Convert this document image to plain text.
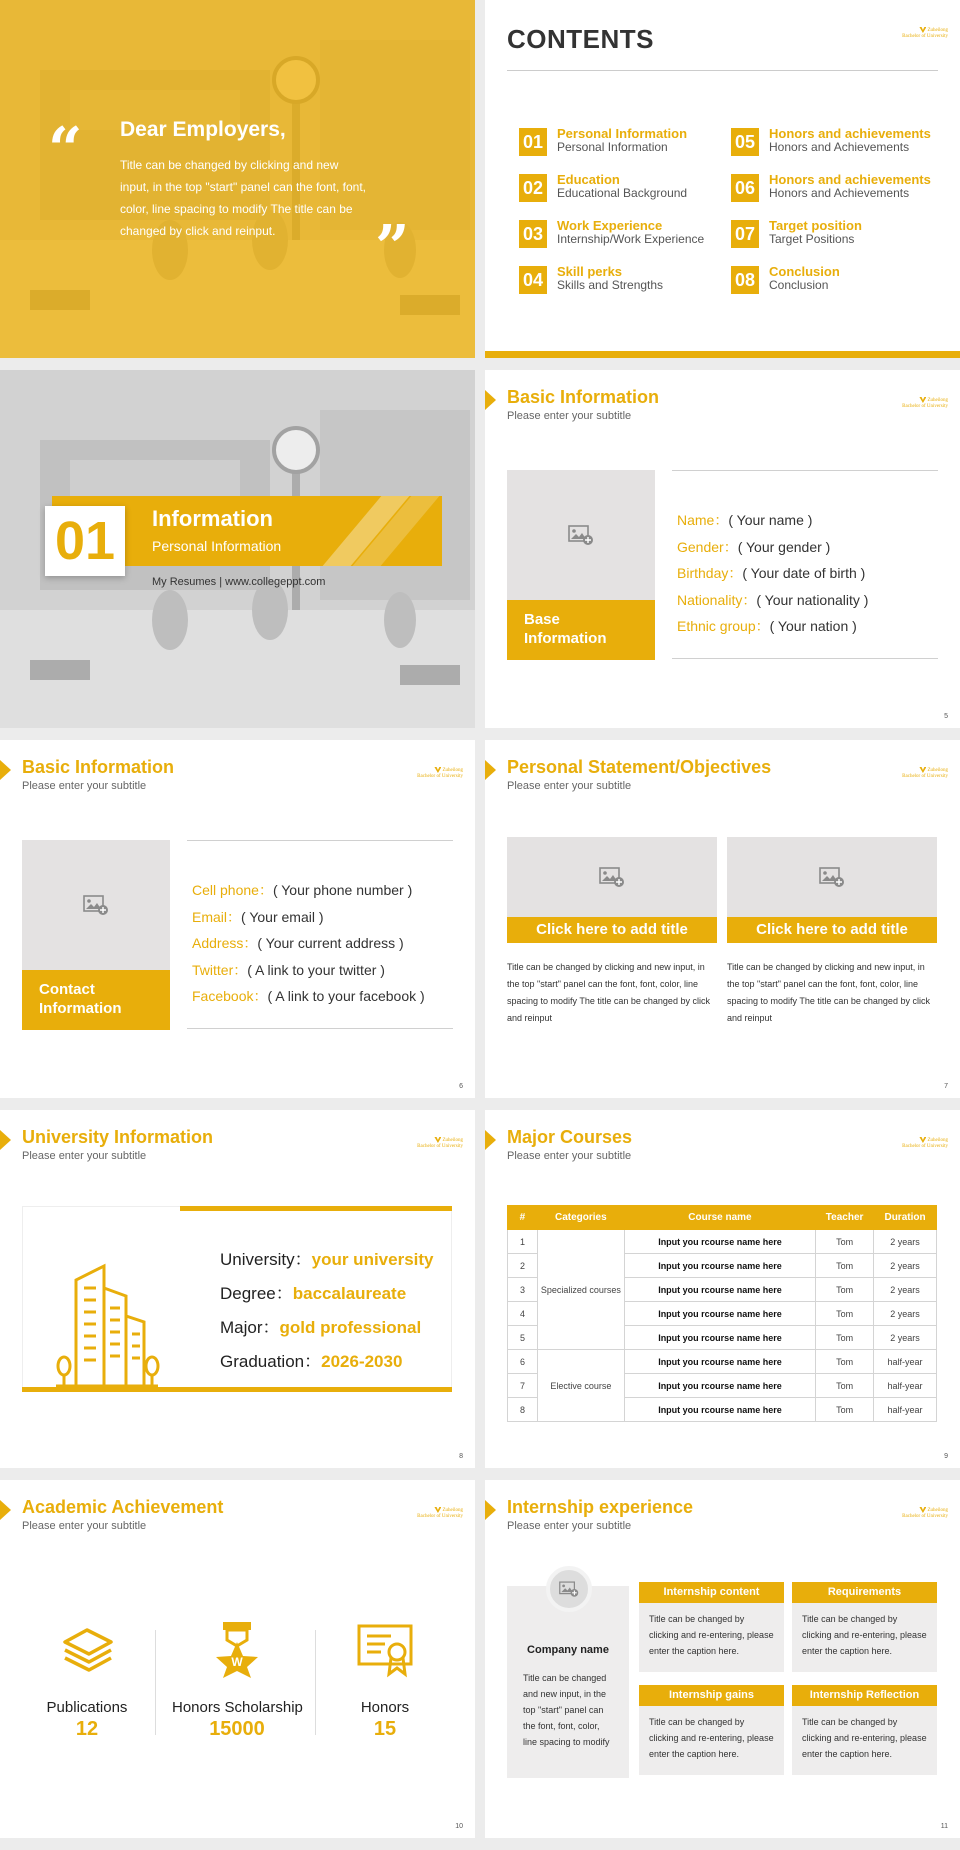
“ Dear Employers,
Title can be changed by clicking and new input, in the top "start" panel can the font, font, color, line spacing to modify The title can be changed by click and reinput.	”
CONTENTS	Zuheilong
Bachelor of University
01	Personal Information
Personal Information
02	Education
Educational Background
03	Work Experience
Internship/Work Experience
04	Skill perks
Skills and Strengths
05	Honors and achievements
Honors and Achievements
06	Honors and achievements
Honors and Achievements
07	Target position
Target Positions
08	Conclusion
Conclusion
01	Information
Personal Information
My Resumes | www.collegeppt.com
Basic Information
Please enter your subtitle
Zuheilong
Bachelor of University
Base Information
Name：( Your name )
Gender：( Your gender )
Birthday：( Your date of birth )
Nationality：( Your nationality )
Ethnic group：( Your nation )
5
Basic Information
Please enter your subtitle
Zuheilong
Bachelor of University
Contact Information
Cell phone：( Your phone number )
Email：( Your email )
Address：( Your current address )
Twitter：( A link to your twitter )
Facebook：( A link to your facebook )
6
Personal Statement/Objectives
Please enter your subtitle
Zuheilong
Bachelor of University
Click here to add title
Title can be changed by clicking and new input, in the top "start" panel can the font, font, color, line spacing to modify The title can be changed by click and reinput
Click here to add title
Title can be changed by clicking and new input, in the top "start" panel can the font, font, color, line spacing to modify The title can be changed by click and reinput
7
University Information
Please enter your subtitle
Zuheilong
Bachelor of University
University：your university
Degree：baccalaureate
Major：gold professional
Graduation：2026-2030
8
Major Courses
Please enter your subtitle
Zuheilong
Bachelor of University
#	Categories	Course name	Teacher	Duration
1	Specialized courses	Input you rcourse name here	Tom	2 years
2		Input you rcourse name here	Tom	2 years
3		Input you rcourse name here	Tom	2 years
4		Input you rcourse name here	Tom	2 years
5		Input you rcourse name here	Tom	2 years
6	Elective course	Input you rcourse name here	Tom	half-year
7		Input you rcourse name here	Tom	half-year
8		Input you rcourse name here	Tom	half-year
9
Academic Achievement
Please enter your subtitle
Zuheilong
Bachelor of University
Publications
12
W
Honors Scholarship
15000
Honors
15
10
Internship experience
Please enter your subtitle
Zuheilong
Bachelor of University
Company name
Title can be changed and new input, in the top "start" panel can the font, font, color, line spacing to modify
Internship content
Title can be changed by clicking and re-entering, please enter the caption here.
Requirements
Title can be changed by clicking and re-entering, please enter the caption here.
Internship gains
Title can be changed by clicking and re-entering, please enter the caption here.
Internship Reflection
Title can be changed by clicking and re-entering, please enter the caption here.
11
